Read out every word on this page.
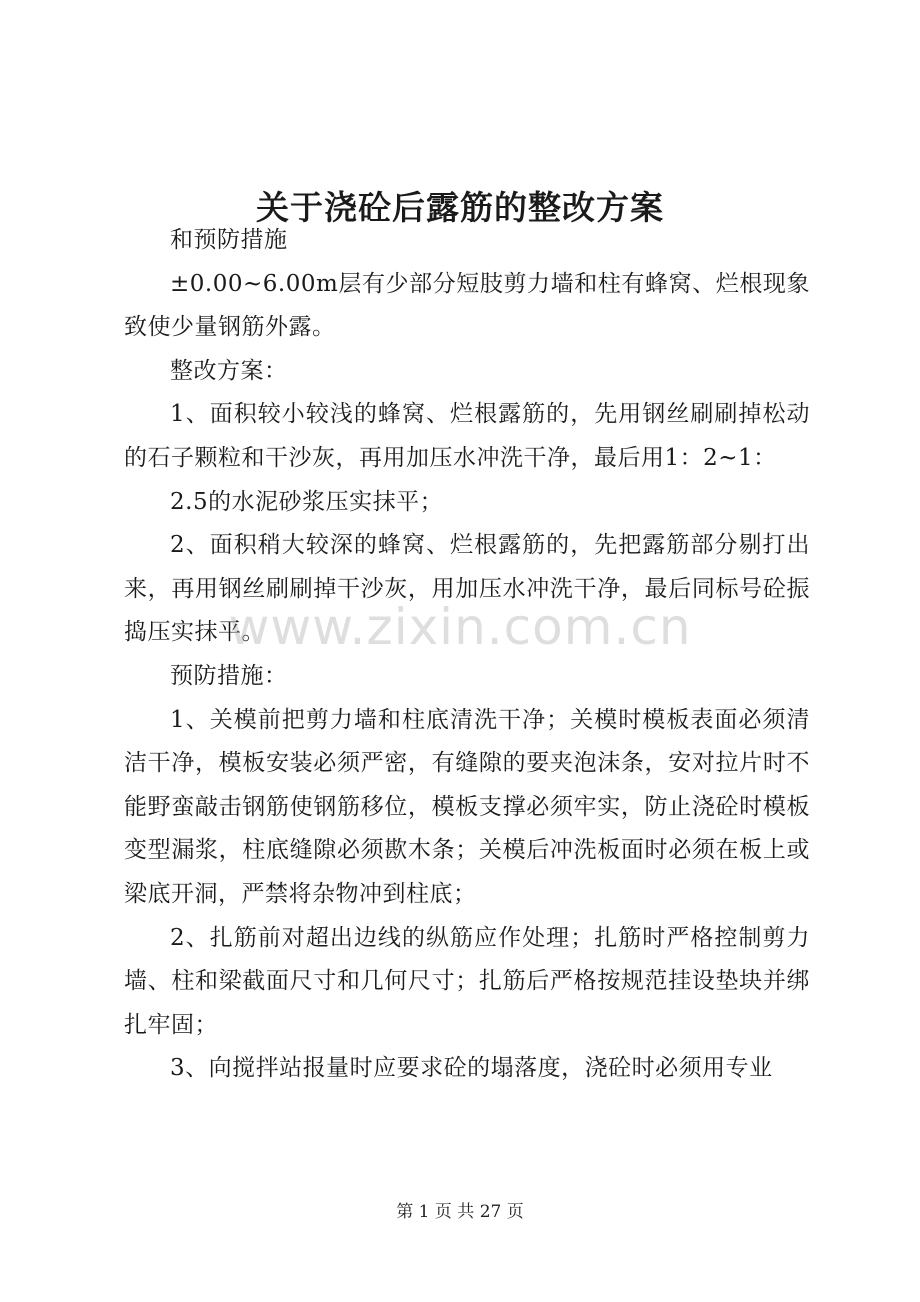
关于浇砼后露筋的整改方案

和预防措施

±0.00~6.00m层有少部分短肢剪力墙和柱有蜂窝、烂根现象致使少量钢筋外露。

整改方案：

1、面积较小较浅的蜂窝、烂根露筋的，先用钢丝刷刷掉松动的石子颗粒和干沙灰，再用加压水冲洗干净，最后用1：2~1：

2.5的水泥砂浆压实抹平；

2、面积稍大较深的蜂窝、烂根露筋的，先把露筋部分剔打出来，再用钢丝刷刷掉干沙灰，用加压水冲洗干净，最后同标号砼振捣压实抹平。

预防措施：

1、关模前把剪力墙和柱底清洗干净；关模时模板表面必须清洁干净，模板安装必须严密，有缝隙的要夹泡沫条，安对拉片时不能野蛮敲击钢筋使钢筋移位，模板支撑必须牢实，防止浇砼时模板变型漏浆，柱底缝隙必须歁木条；关模后冲洗板面时必须在板上或梁底开洞，严禁将杂物冲到柱底；

2、扎筋前对超出边线的纵筋应作处理；扎筋时严格控制剪力墙、柱和梁截面尺寸和几何尺寸；扎筋后严格按规范挂设垫块并绑扎牢固；

3、向搅拌站报量时应要求砼的塌落度，浇砼时必须用专业

www.zixin.com.cn
第 1 页 共 27 页
